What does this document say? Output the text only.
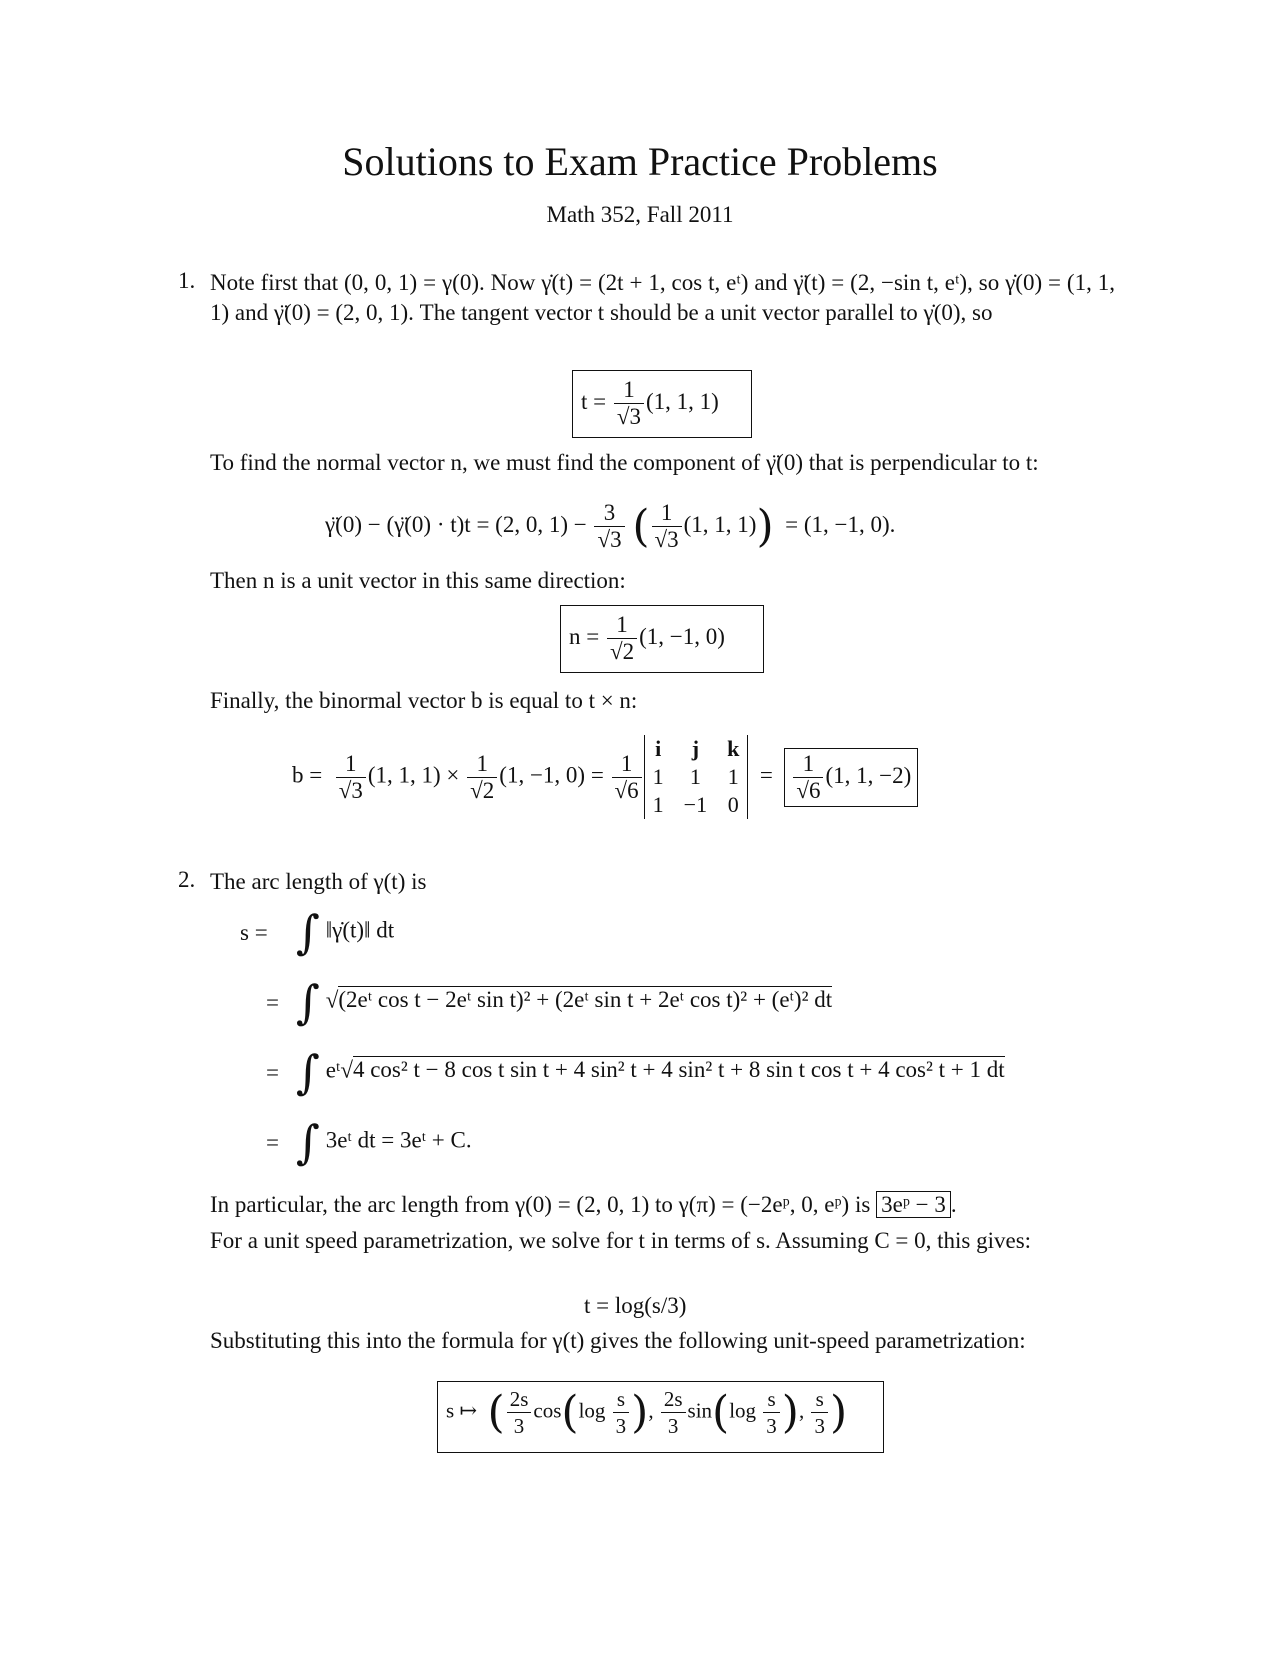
Solutions to Exam Practice Problems
Math 352, Fall 2011
1. Note first that (0, 0, 1) = γ(0). Now γ̇(t) = (2t + 1, cos t, eᵗ) and γ̈(t) = (2, −sin t, eᵗ), so γ̇(0) = (1, 1, 1) and γ̈(0) = (2, 0, 1). The tangent vector t should be a unit vector parallel to γ̇(0), so
$t = \frac{1}{√3} (1$, 1, 1)
To find the normal vector n, we must find the component of γ̈(0) that is perpendicular to t:
γ̈(0) − (γ̈(0) · t)t = (2, 0, $1) - \frac{3}{√3}$ ( $\frac{1}{√3} (1$, 1, 1)) = (1, −1, 0).
Then n is a unit vector in this same direction:
$n = \frac{1}{√2} (1$, −1, 0)
Finally, the binormal vector b is equal to t × n:
$b = \frac{1}{√3} (1$, 1, $1) \times \frac{1}{√2} (1$, −1, $0) = \frac{1}{√6}$
i	j	k
1	1	1
1	−1	0
= $\frac{1}{√6} (1$, 1, −2)
2. The arc length of γ(t) is
s = ∫ ‖γ̇(t)‖ dt
= ∫ √(2eᵗ cos t − 2eᵗ sin t)² + (2eᵗ sin t + 2eᵗ cos t)² + (eᵗ)² dt
= ∫ eᵗ√4 cos² t − 8 cos t sin t + 4 sin² t + 4 sin² t + 8 sin t cos t + 4 cos² t + 1 dt
= ∫ 3eᵗ dt = 3eᵗ + C.
In particular, the arc length from γ(0) = (2, 0, 1) to γ(π) = (−2eᵖ, 0, eᵖ) is 3eᵖ − 3 .
For a unit speed parametrization, we solve for t in terms of s. Assuming C = 0, this gives:
t = log(s/3)
Substituting this into the formula for γ(t) gives the following unit-speed parametrization:
s ↦ ( $\frac{2s}{3} \cos(\log \frac{s}{3}$ ), $\frac{2s}{3} \sin(\log \frac{s}{3}$ ), $\frac{s}{3}$ )
